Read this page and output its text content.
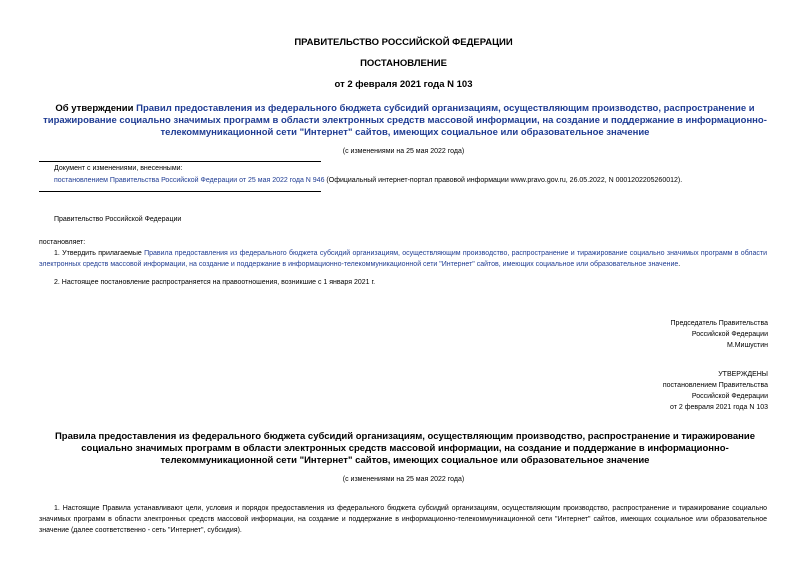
ПРАВИТЕЛЬСТВО РОССИЙСКОЙ ФЕДЕРАЦИИ
ПОСТАНОВЛЕНИЕ
от 2 февраля 2021 года N 103
Об утверждении Правил предоставления из федерального бюджета субсидий организациям, осуществляющим производство, распространение и тиражирование социально значимых программ в области электронных средств массовой информации, на создание и поддержание в информационно-телекоммуникационной сети "Интернет" сайтов, имеющих социальное или образовательное значение
(с изменениями на 25 мая 2022 года)
Документ с изменениями, внесенными:
постановлением Правительства Российской Федерации от 25 мая 2022 года N 946 (Официальный интернет-портал правовой информации www.pravo.gov.ru, 26.05.2022, N 0001202205260012).
Правительство Российской Федерации
постановляет:
1. Утвердить прилагаемые Правила предоставления из федерального бюджета субсидий организациям, осуществляющим производство, распространение и тиражирование социально значимых программ в области электронных средств массовой информации, на создание и поддержание в информационно-телекоммуникационной сети "Интернет" сайтов, имеющих социальное или образовательное значение.
2. Настоящее постановление распространяется на правоотношения, возникшие с 1 января 2021 г.
Председатель Правительства
Российской Федерации
М.Мишустин
УТВЕРЖДЕНЫ
постановлением Правительства
Российской Федерации
от 2 февраля 2021 года N 103
Правила предоставления из федерального бюджета субсидий организациям, осуществляющим производство, распространение и тиражирование социально значимых программ в области электронных средств массовой информации, на создание и поддержание в информационно-телекоммуникационной сети "Интернет" сайтов, имеющих социальное или образовательное значение
(с изменениями на 25 мая 2022 года)
1. Настоящие Правила устанавливают цели, условия и порядок предоставления из федерального бюджета субсидий организациям, осуществляющим производство, распространение и тиражирование социально значимых программ в области электронных средств массовой информации, на создание и поддержание в информационно-телекоммуникационной сети "Интернет" сайтов, имеющих социальное или образовательное значение (далее соответственно - сеть "Интернет", субсидия).
